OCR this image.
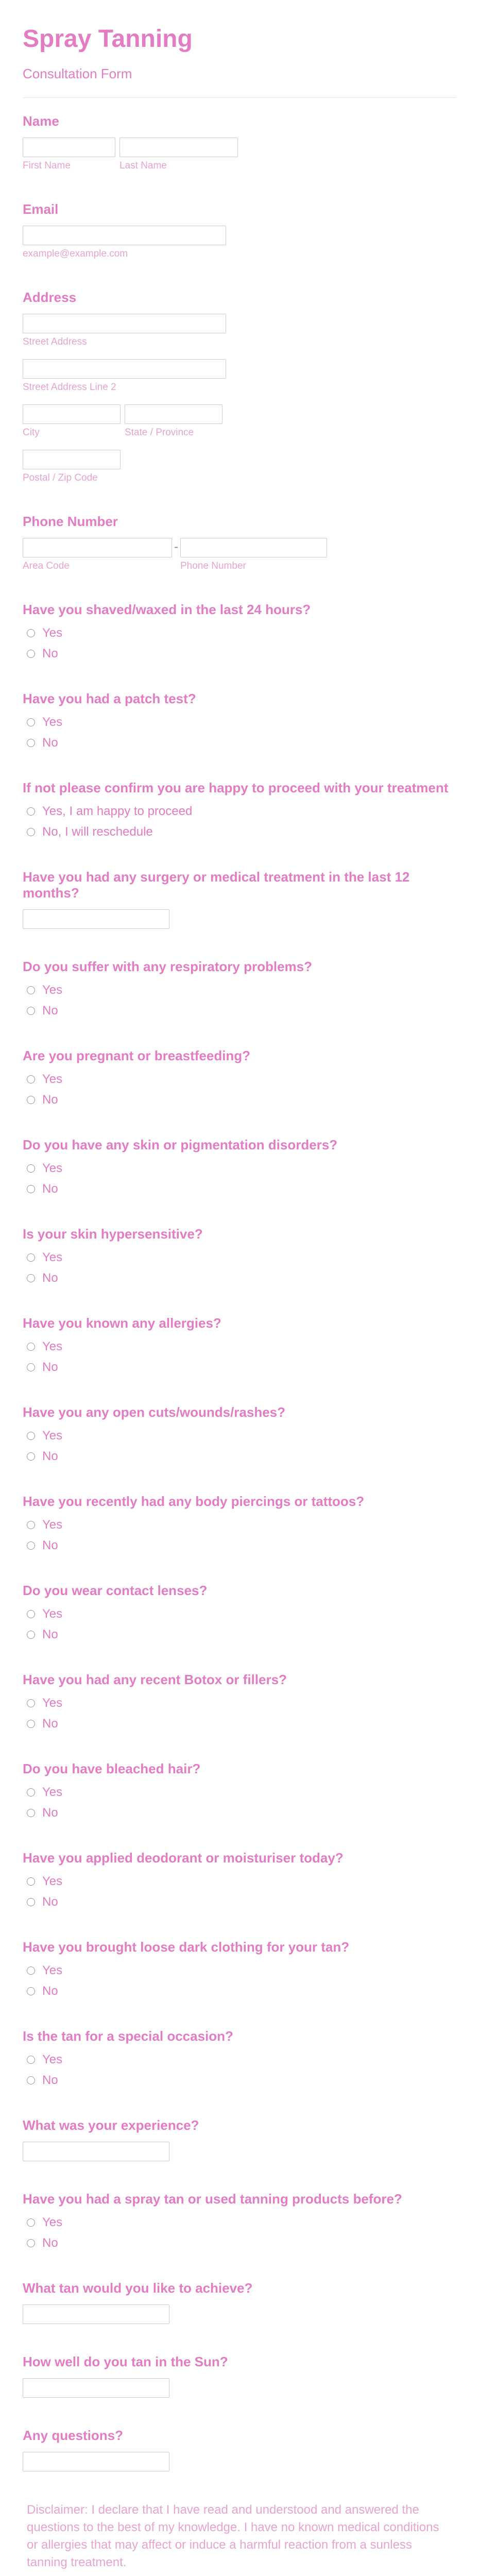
Spray Tanning
Consultation Form
Name
First Name	Last Name
Email
example@example.com
Address
Street Address
Street Address Line 2
City	State / Province
Postal / Zip Code
Phone Number
Area Code
-
Phone Number
Have you shaved/waxed in the last 24 hours?
Yes
No
Have you had a patch test?
Yes
No
If not please confirm you are happy to proceed with your treatment
Yes, I am happy to proceed
No, I will reschedule
Have you had any surgery or medical treatment in the last 12 months?
Do you suffer with any respiratory problems?
Yes
No
Are you pregnant or breastfeeding?
Yes
No
Do you have any skin or pigmentation disorders?
Yes
No
Is your skin hypersensitive?
Yes
No
Have you known any allergies?
Yes
No
Have you any open cuts/wounds/rashes?
Yes
No
Have you recently had any body piercings or tattoos?
Yes
No
Do you wear contact lenses?
Yes
No
Have you had any recent Botox or fillers?
Yes
No
Do you have bleached hair?
Yes
No
Have you applied deodorant or moisturiser today?
Yes
No
Have you brought loose dark clothing for your tan?
Yes
No
Is the tan for a special occasion?
Yes
No
What was your experience?
Have you had a spray tan or used tanning products before?
Yes
No
What tan would you like to achieve?
How well do you tan in the Sun?
Any questions?

Disclaimer: I declare that I have read and understood and answered the questions to the best of my knowledge. I have no known medical conditions or allergies that may affect or induce a harmful reaction from a sunless tanning treatment.
